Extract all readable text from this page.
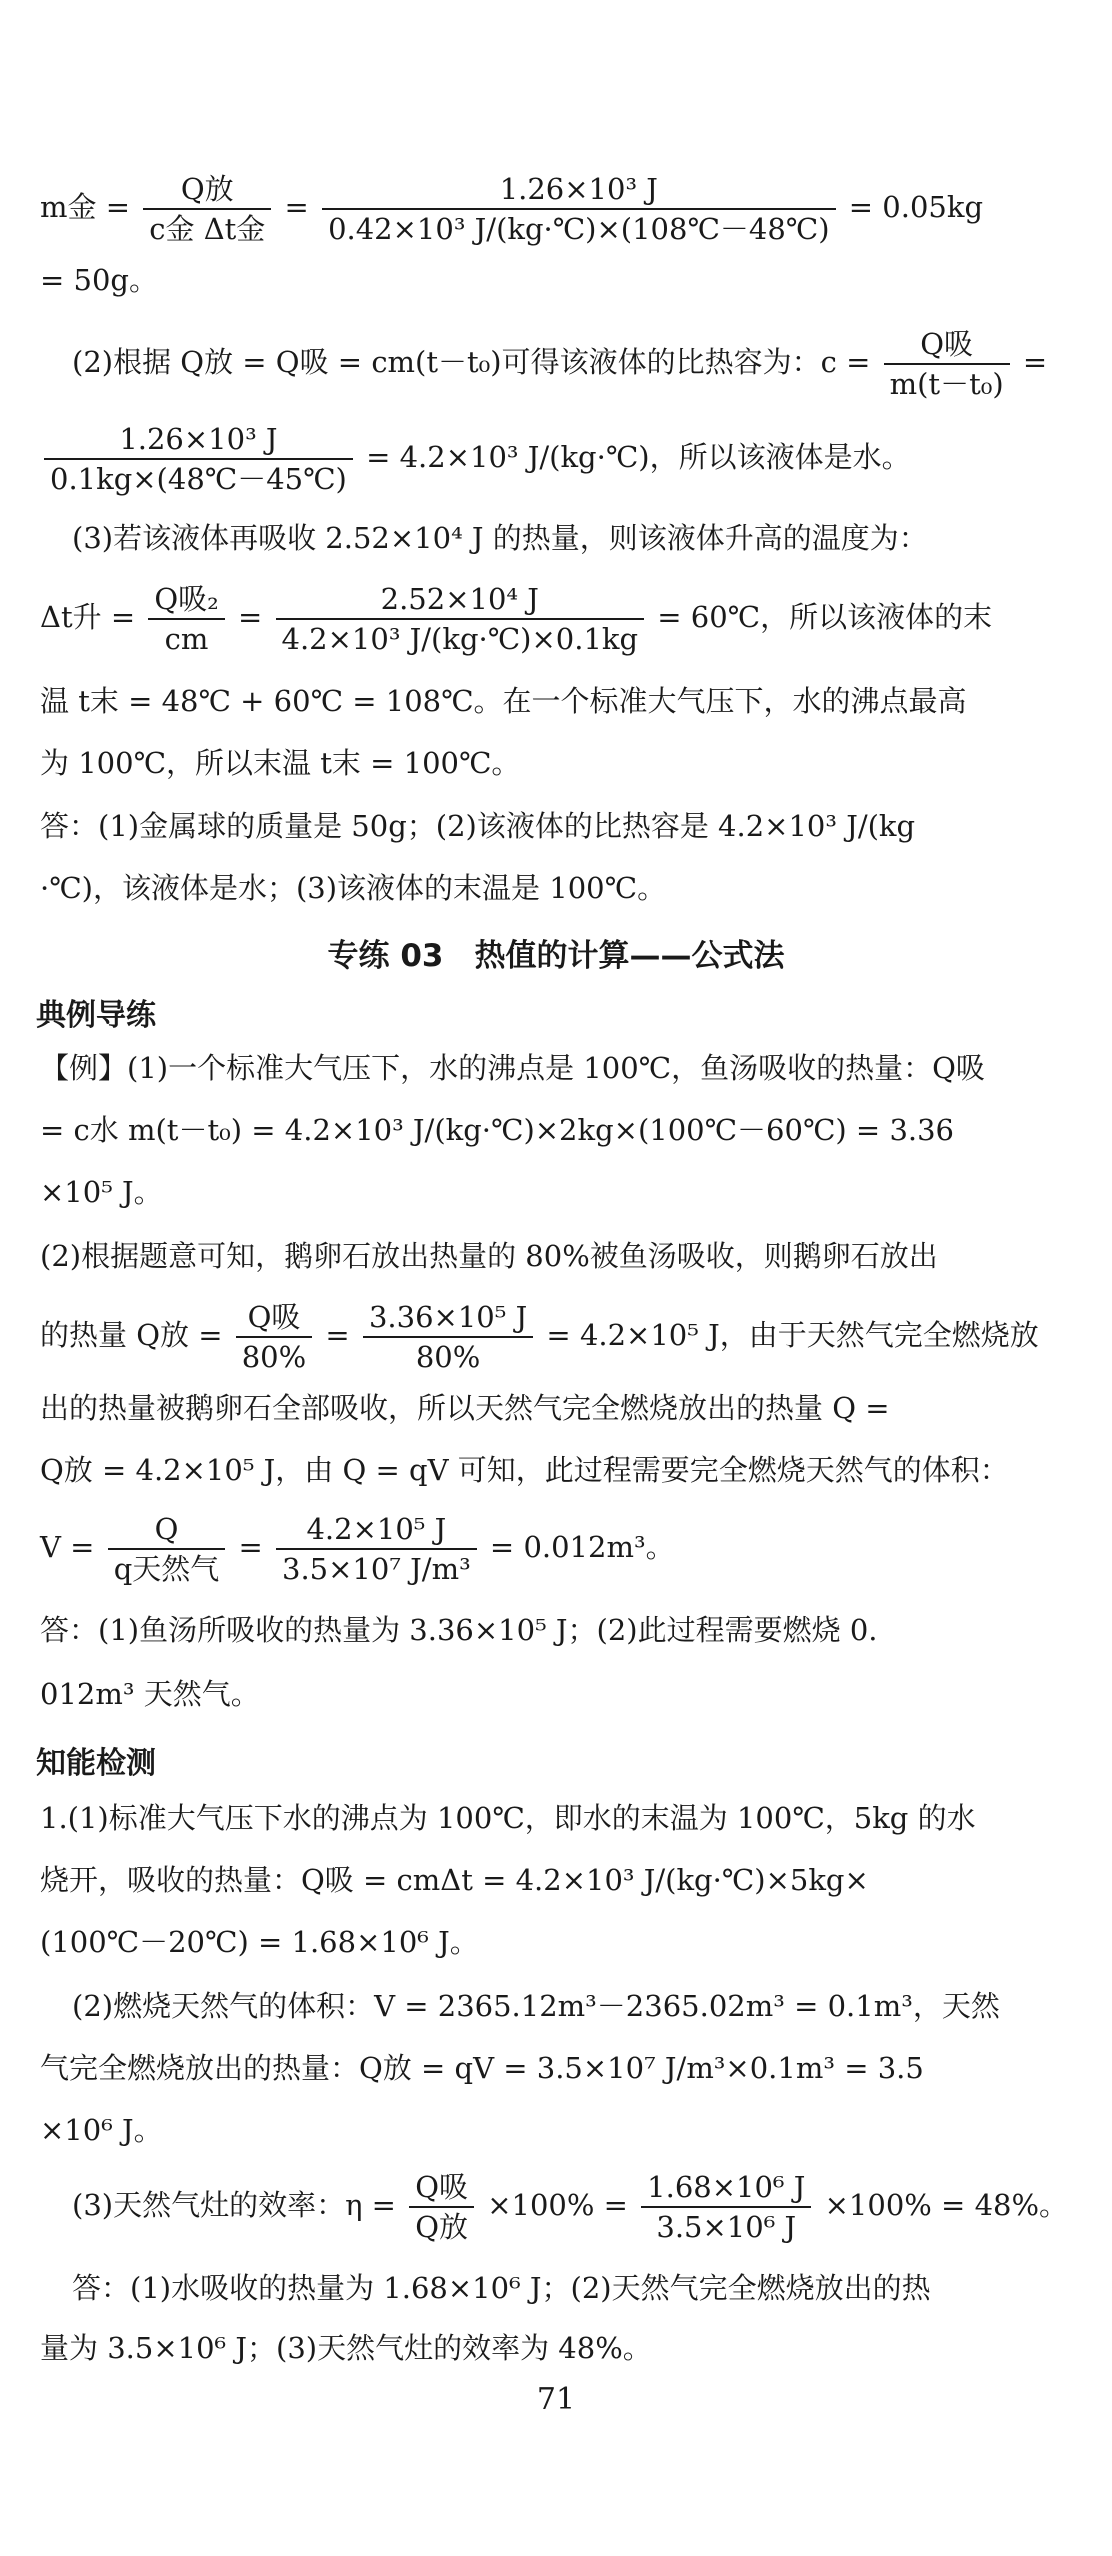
m金 = $\frac{\text{Q放}}{\text{c金 Δt金}} = \frac{\text{1.26×10³ J}}{\text{0.42×10³ J/(kg·℃)×(108℃－48℃)}} = 0.05kg$
= 50g。
(2)根据 Q放 = Q吸 = cm(t－t₀)可得该液体的比热容为：$c = \frac{\text{Q吸}}{\text{m(t－t₀)}}$ =
$\frac{\text{1.26×10³ J}}{0.1kg\times(48℃-45℃)} = 4.2\times 10^3$ J/(kg·℃)，所以该液体是水。
(3)若该液体再吸收 2.52×10⁴ J 的热量，则该液体升高的温度为：
Δt升 = $\frac{\text{Q吸₂}}{cm} = \frac{\text{2.52×10⁴ J}}{\text{4.2×10³ J/(kg·℃)×0.1kg}}$ = 60℃，所以该液体的末
温 t末 = 48℃ + 60℃ = 108℃。在一个标准大气压下，水的沸点最高
为 100℃，所以末温 t末 = 100℃。
答：(1)金属球的质量是 50g；(2)该液体的比热容是 4.2×10³ J/(kg
·℃)，该液体是水；(3)该液体的末温是 100℃。
专练 03　热值的计算——公式法
典例导练
【例】(1)一个标准大气压下，水的沸点是 100℃，鱼汤吸收的热量：Q吸
= c水 m(t－t₀) = 4.2×10³ J/(kg·℃)×2kg×(100℃－60℃) = 3.36
×10⁵ J。
(2)根据题意可知，鹅卵石放出热量的 80%被鱼汤吸收，则鹅卵石放出
的热量 Q放 = $\frac{\text{Q吸}}{80\%} = \frac{\text{3.36×10⁵ J}}{80\%} = 4.2\times 10^5$ J，由于天然气完全燃烧放
出的热量被鹅卵石全部吸收，所以天然气完全燃烧放出的热量 Q =
Q放 = 4.2×10⁵ J，由 Q = qV 可知，此过程需要完全燃烧天然气的体积：
$V = \frac{Q}{\text{q天然气}} = \frac{\text{4.2×10⁵ J}}{\text{3.5×10⁷ J/m³}} = 0.012m^3$。
答：(1)鱼汤所吸收的热量为 3.36×10⁵ J；(2)此过程需要燃烧 0.
012m³ 天然气。
知能检测
1.(1)标准大气压下水的沸点为 100℃，即水的末温为 100℃，5kg 的水
烧开，吸收的热量：Q吸 = cmΔt = 4.2×10³ J/(kg·℃)×5kg×
(100℃－20℃) = 1.68×10⁶ J。
(2)燃烧天然气的体积：V = 2365.12m³－2365.02m³ = 0.1m³，天然
气完全燃烧放出的热量：Q放 = qV = 3.5×10⁷ J/m³×0.1m³ = 3.5
×10⁶ J。
(3)天然气灶的效率：$\eta = \frac{\text{Q吸}}{\text{Q放}} \times 100\% = \frac{\text{1.68×10⁶ J}}{\text{3.5×10⁶ J}} \times 100\% = 48\%$。
答：(1)水吸收的热量为 1.68×10⁶ J；(2)天然气完全燃烧放出的热
量为 3.5×10⁶ J；(3)天然气灶的效率为 48%。
71
